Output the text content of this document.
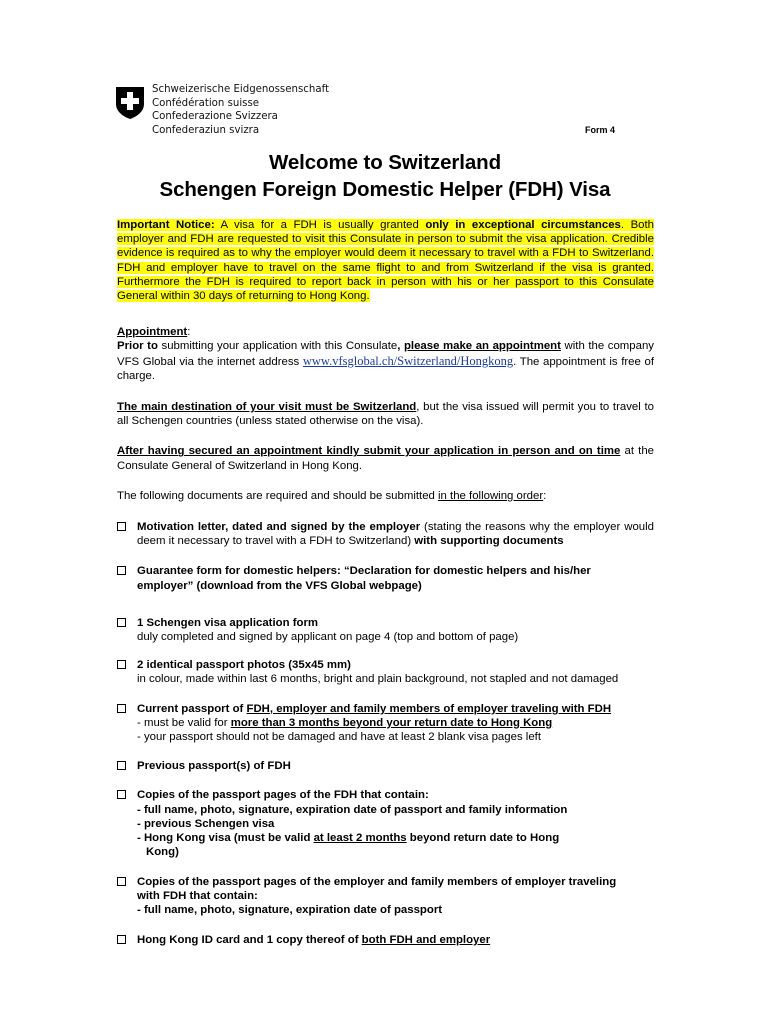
Schweizerische Eidgenossenschaft
Confédération suisse
Confederazione Svizzera
Confederaziun svizra	Form 4
Welcome to Switzerland
Schengen Foreign Domestic Helper (FDH) Visa

Important Notice: A visa for a FDH is usually granted only in exceptional circumstances. Both employer and FDH are requested to visit this Consulate in person to submit the visa application. Credible evidence is required as to why the employer would deem it necessary to travel with a FDH to Switzerland. FDH and employer have to travel on the same flight to and from Switzerland if the visa is granted. Furthermore the FDH is required to report back in person with his or her passport to this Consulate General within 30 days of returning to Hong Kong.

Appointment:
Prior to submitting your application with this Consulate, please make an appointment with the company VFS Global via the internet address www.vfsglobal.ch/Switzerland/Hongkong. The appointment is free of charge.

The main destination of your visit must be Switzerland, but the visa issued will permit you to travel to all Schengen countries (unless stated otherwise on the visa).

After having secured an appointment kindly submit your application in person and on time at the Consulate General of Switzerland in Hong Kong.

The following documents are required and should be submitted in the following order:

Motivation letter, dated and signed by the employer (stating the reasons why the employer would deem it necessary to travel with a FDH to Switzerland) with supporting documents

Guarantee form for domestic helpers: “Declaration for domestic helpers and his/her
employer” (download from the VFS Global webpage)
1 Schengen visa application form
duly completed and signed by applicant on page 4 (top and bottom of page)
2 identical passport photos (35x45 mm)
in colour, made within last 6 months, bright and plain background, not stapled and not damaged
Current passport of FDH, employer and family members of employer traveling with FDH
- must be valid for more than 3 months beyond your return date to Hong Kong
- your passport should not be damaged and have at least 2 blank visa pages left
Previous passport(s) of FDH
Copies of the passport pages of the FDH that contain:
- full name, photo, signature, expiration date of passport and family information
- previous Schengen visa
- Hong Kong visa (must be valid at least 2 months beyond return date to Hong
Kong)
Copies of the passport pages of the employer and family members of employer traveling
with FDH that contain:
- full name, photo, signature, expiration date of passport
Hong Kong ID card and 1 copy thereof of both FDH and employer
